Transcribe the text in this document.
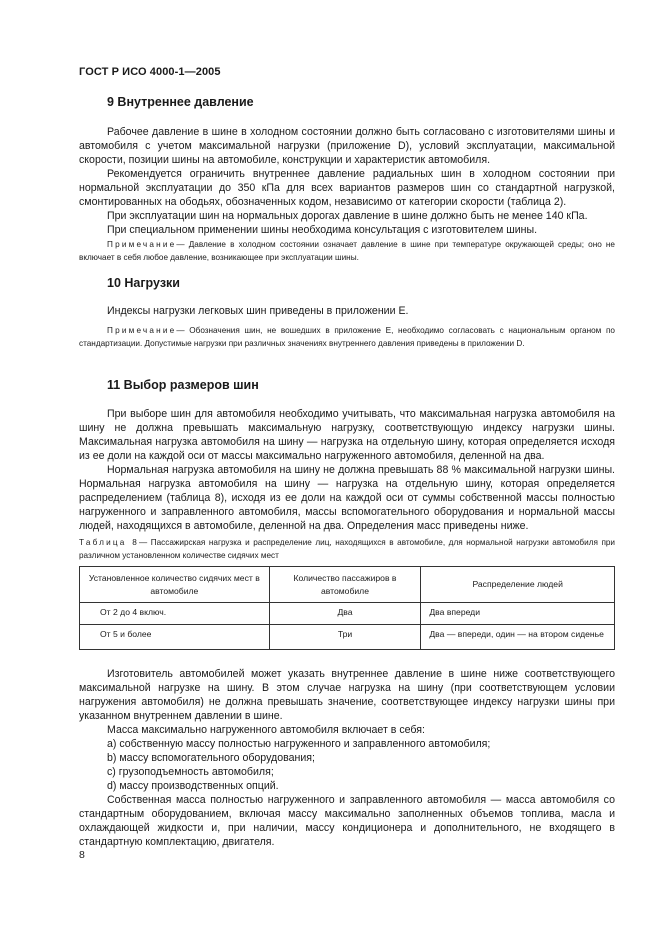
ГОСТ Р ИСО 4000-1—2005
9 Внутреннее давление

Рабочее давление в шине в холодном состоянии должно быть согласовано с изготовителями шины и автомобиля с учетом максимальной нагрузки (приложение D), условий эксплуатации, максимальной скорости, позиции шины на автомобиле, конструкции и характеристик автомобиля.

Рекомендуется ограничить внутреннее давление радиальных шин в холодном состоянии при нормальной эксплуатации до 350 кПа для всех вариантов размеров шин со стандартной нагрузкой, смонтированных на ободьях, обозначенных кодом, независимо от категории скорости (таблица 2).

При эксплуатации шин на нормальных дорогах давление в шине должно быть не менее 140 кПа.

При специальном применении шины необходима консультация с изготовителем шины.

Примечание— Давление в холодном состоянии означает давление в шине при температуре окружающей среды; оно не включает в себя любое давление, возникающее при эксплуатации шины.

10 Нагрузки

Индексы нагрузки легковых шин приведены в приложении Е.

Примечание— Обозначения шин, не вошедших в приложение Е, необходимо согласовать с национальным органом по стандартизации. Допустимые нагрузки при различных значениях внутреннего давления приведены в приложении D.

11 Выбор размеров шин

При выборе шин для автомобиля необходимо учитывать, что максимальная нагрузка автомобиля на шину не должна превышать максимальную нагрузку, соответствующую индексу нагрузки шины. Максимальная нагрузка автомобиля на шину — нагрузка на отдельную шину, которая определяется исходя из ее доли на каждой оси от массы максимально нагруженного автомобиля, деленной на два.

Нормальная нагрузка автомобиля на шину не должна превышать 88 % максимальной нагрузки шины. Нормальная нагрузка автомобиля на шину — нагрузка на отдельную шину, которая определяется распределением (таблица 8), исходя из ее доли на каждой оси от суммы собственной массы полностью нагруженного и заправленного автомобиля, массы вспомогательного оборудования и нормальной массы людей, находящихся в автомобиле, деленной на два. Определения масс приведены ниже.

Таблица 8— Пассажирская нагрузка и распределение лиц, находящихся в автомобиле, для нормальной нагрузки автомобиля при различном установленном количестве сидячих мест
Установленное количество сидячих мест в автомобиле	Количество пассажиров в автомобиле	Распределение людей
От 2 до 4 включ.	Два	Два впереди
От 5 и более	Три	Два — впереди, один — на втором сиденье

Изготовитель автомобилей может указать внутреннее давление в шине ниже соответствующего максимальной нагрузке на шину. В этом случае нагрузка на шину (при соответствующем условии нагружения автомобиля) не должна превышать значение, соответствующее индексу нагрузки шины при указанном внутреннем давлении в шине.

Масса максимально нагруженного автомобиля включает в себя:

а) собственную массу полностью нагруженного и заправленного автомобиля;

b) массу вспомогательного оборудования;

c) грузоподъемность автомобиля;

d) массу производственных опций.

Собственная масса полностью нагруженного и заправленного автомобиля — масса автомобиля со стандартным оборудованием, включая массу максимально заполненных объемов топлива, масла и охлаждающей жидкости и, при наличии, массу кондиционера и дополнительного, не входящего в стандартную комплектацию, двигателя.

8
